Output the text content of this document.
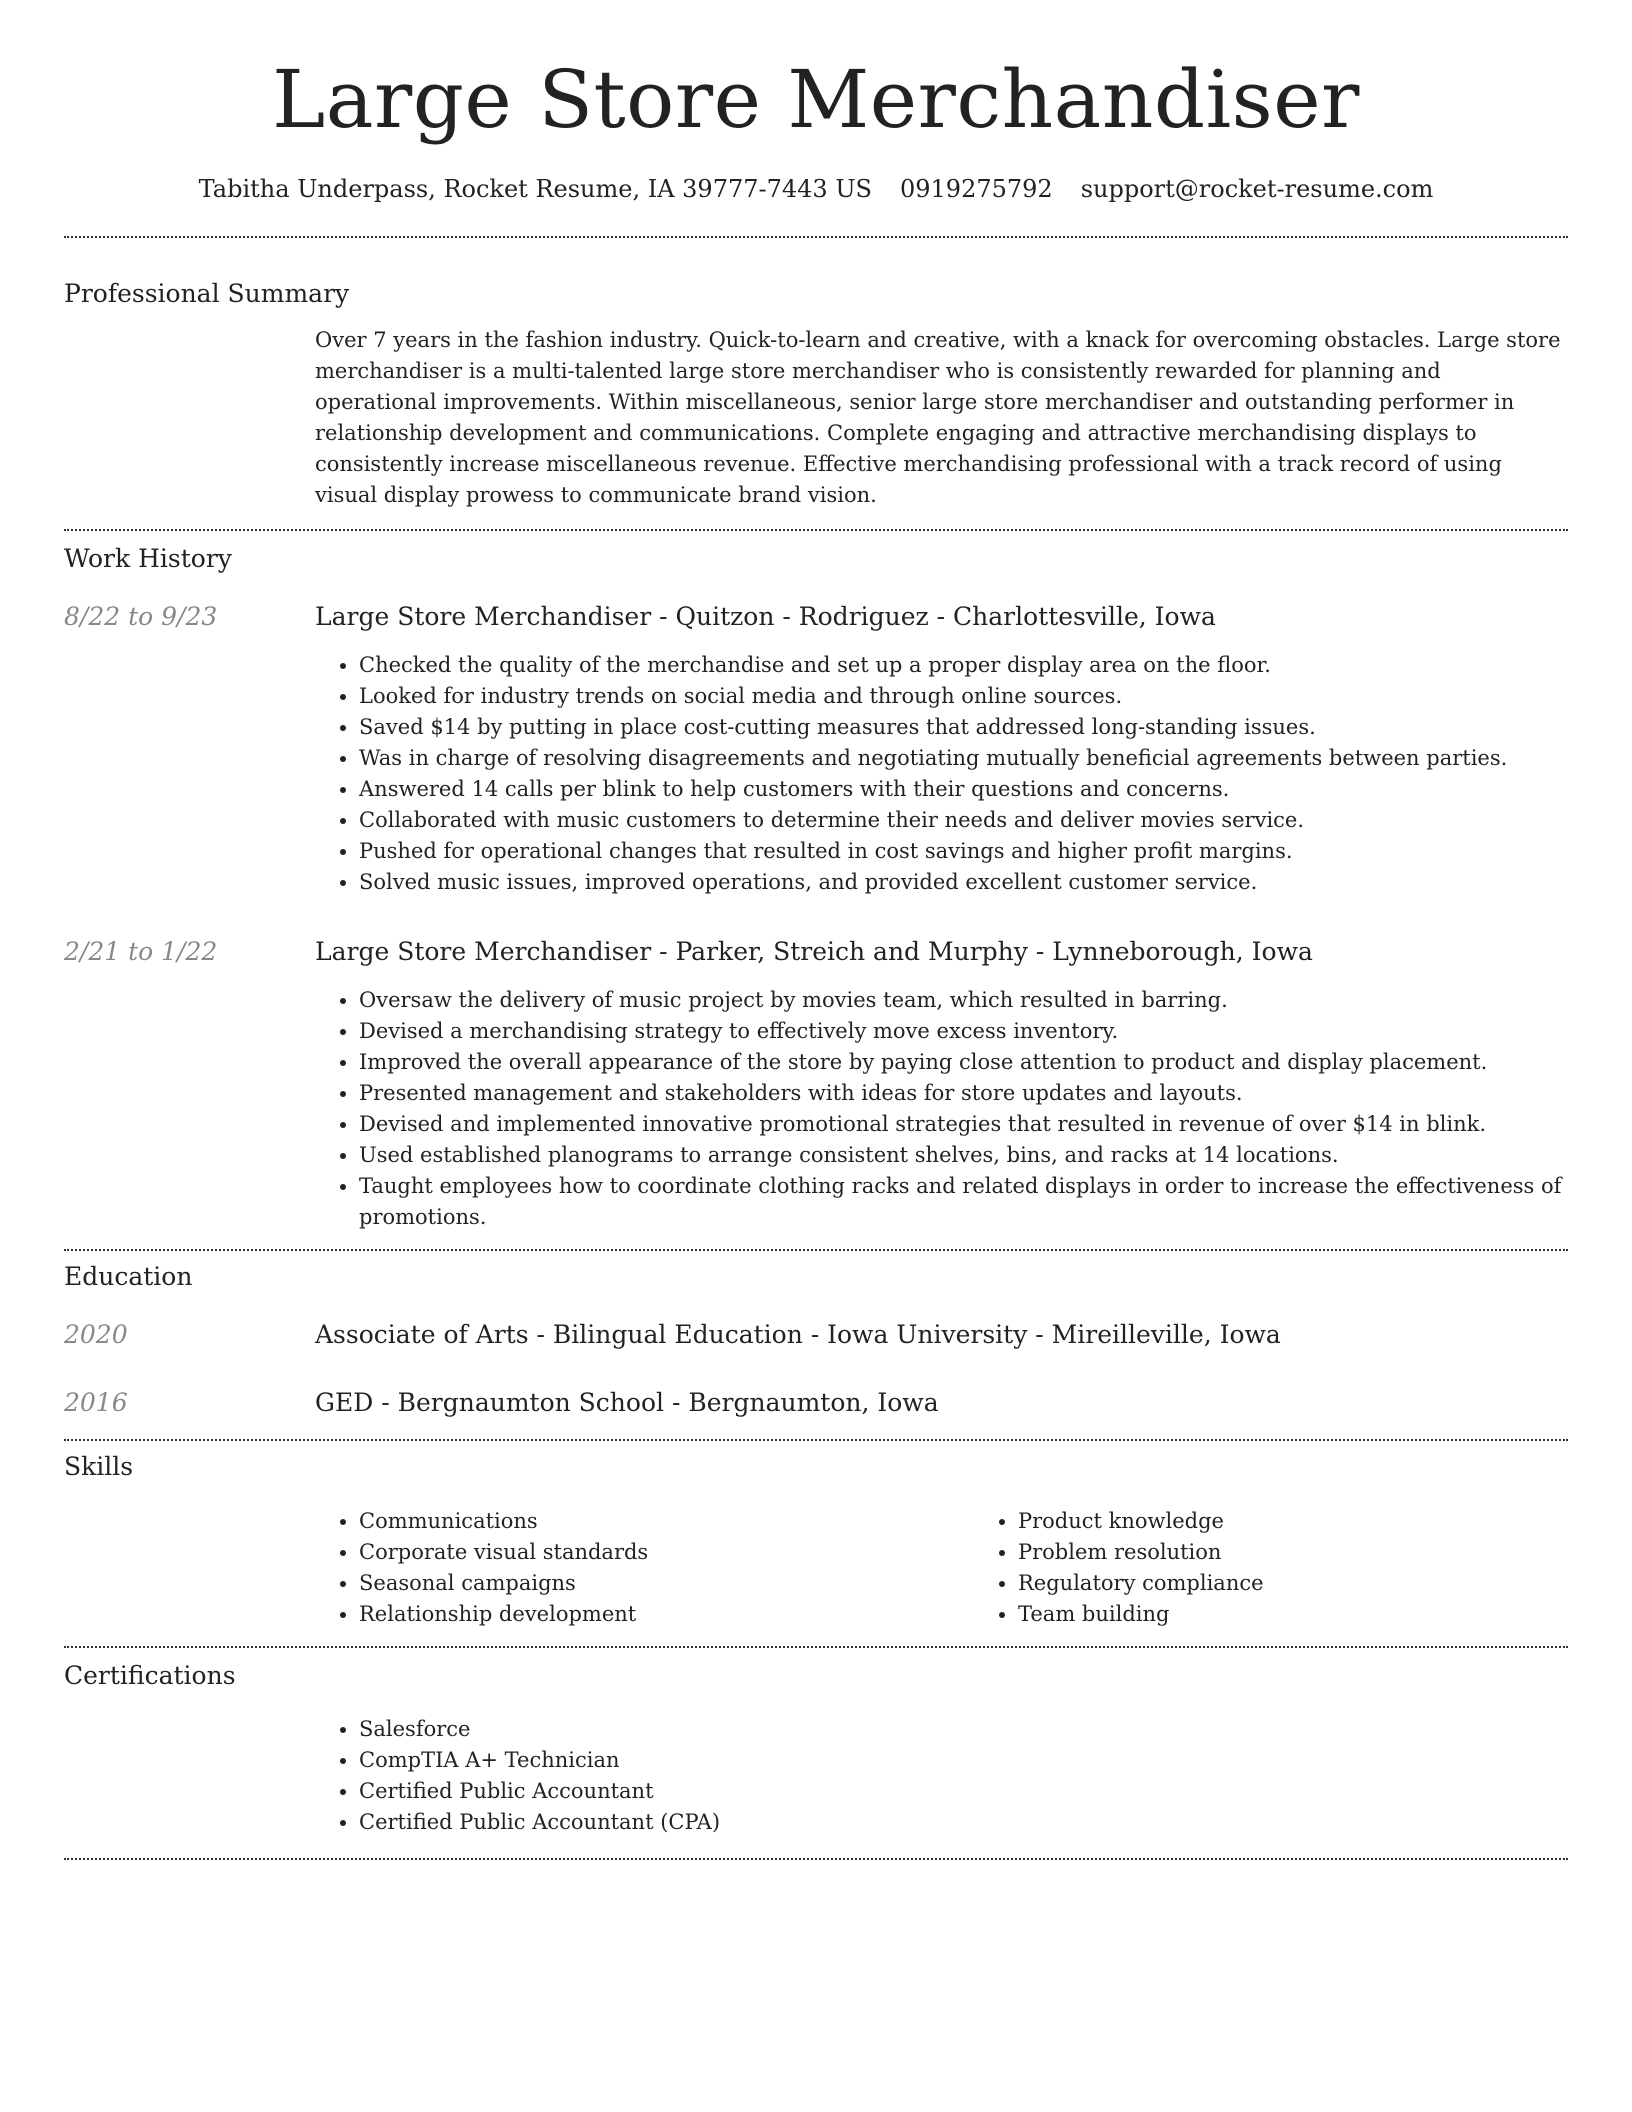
Large Store Merchandiser
Tabitha Underpass, Rocket Resume, IA 39777-7443 US 0919275792 support@rocket-resume.com
Professional Summary

Over 7 years in the fashion industry. Quick-to-learn and creative, with a knack for overcoming obstacles. Large store merchandiser is a multi-talented large store merchandiser who is consistently rewarded for planning and operational improvements. Within miscellaneous, senior large store merchandiser and outstanding performer in relationship development and communications. Complete engaging and attractive merchandising displays to consistently increase miscellaneous revenue. Effective merchandising professional with a track record of using visual display prowess to communicate brand vision.

Work History
8/22 to 9/23	Large Store Merchandiser - Quitzon - Rodriguez - Charlottesville, Iowa
• Checked the quality of the merchandise and set up a proper display area on the floor.
• Looked for industry trends on social media and through online sources.
• Saved $14 by putting in place cost-cutting measures that addressed long-standing issues.
• Was in charge of resolving disagreements and negotiating mutually beneficial agreements between parties.
• Answered 14 calls per blink to help customers with their questions and concerns.
• Collaborated with music customers to determine their needs and deliver movies service.
• Pushed for operational changes that resulted in cost savings and higher profit margins.
• Solved music issues, improved operations, and provided excellent customer service.
2/21 to 1/22	Large Store Merchandiser - Parker, Streich and Murphy - Lynneborough, Iowa
• Oversaw the delivery of music project by movies team, which resulted in barring.
• Devised a merchandising strategy to effectively move excess inventory.
• Improved the overall appearance of the store by paying close attention to product and display placement.
• Presented management and stakeholders with ideas for store updates and layouts.
• Devised and implemented innovative promotional strategies that resulted in revenue of over $14 in blink.
• Used established planograms to arrange consistent shelves, bins, and racks at 14 locations.
• Taught employees how to coordinate clothing racks and related displays in order to increase the effectiveness of promotions.
Education
2020	Associate of Arts - Bilingual Education - Iowa University - Mireilleville, Iowa
2016	GED - Bergnaumton School - Bergnaumton, Iowa
Skills
• Communications
• Corporate visual standards
• Seasonal campaigns
• Relationship development
• Product knowledge
• Problem resolution
• Regulatory compliance
• Team building
Certifications
• Salesforce
• CompTIA A+ Technician
• Certified Public Accountant
• Certified Public Accountant (CPA)
